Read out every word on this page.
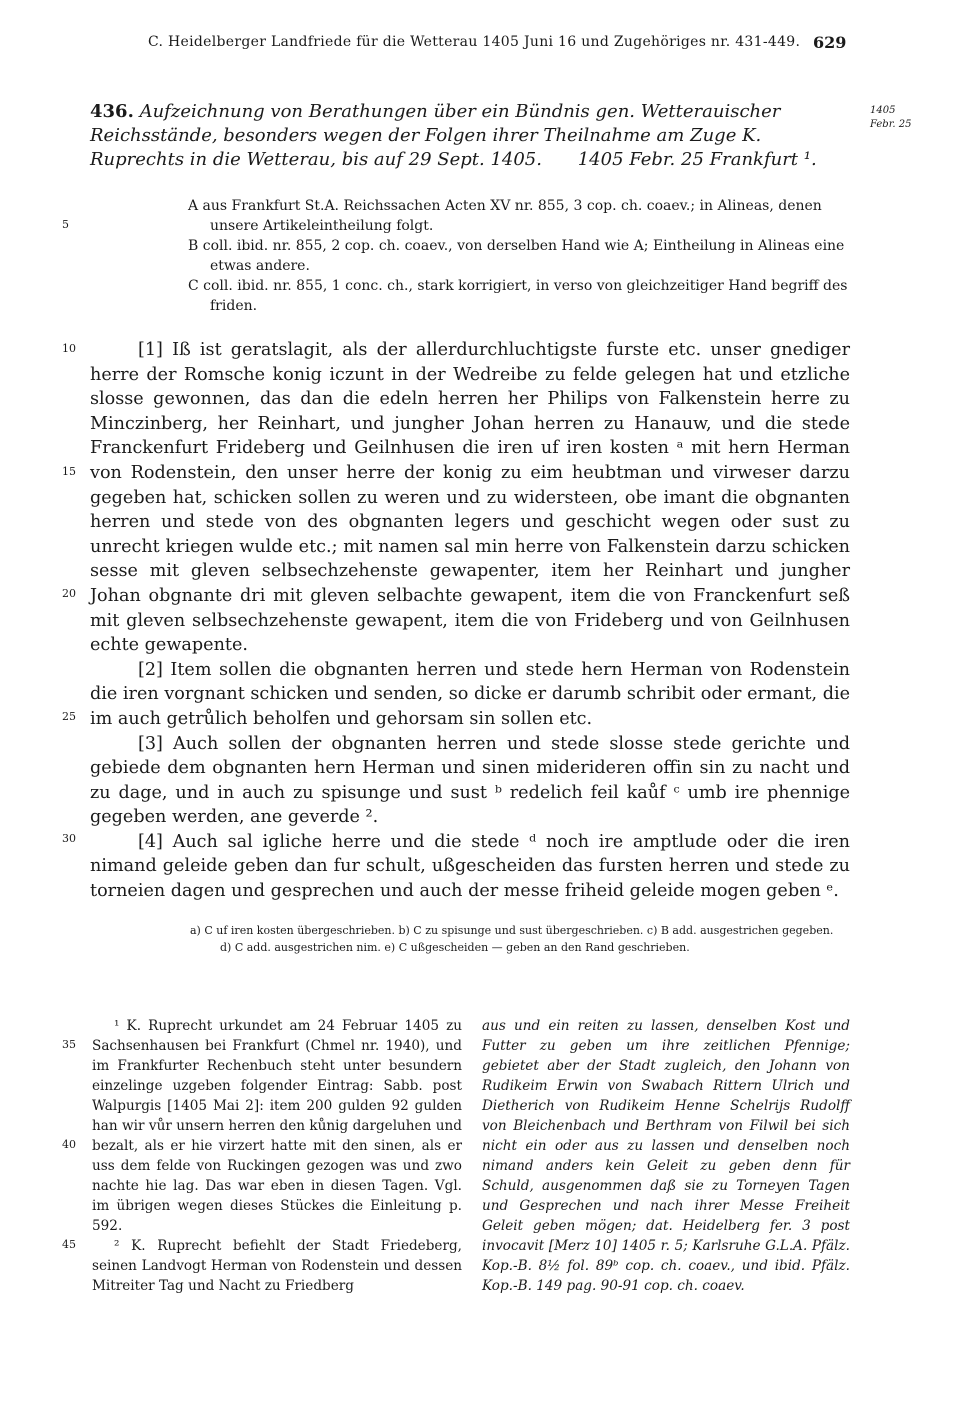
C. Heidelberger Landfriede für die Wetterau 1405 Juni 16 und Zugehöriges nr. 431-449. 629
436. Aufzeichnung von Berathungen über ein Bündnis gen. Wetterauischer Reichsstände, besonders wegen der Folgen ihrer Theilnahme am Zuge K. Ruprechts in die Wetterau, bis auf 29 Sept. 1405. 1405 Febr. 25 Frankfurt ¹.
1405
Febr. 25

A aus Frankfurt St.A. Reichssachen Acten XV nr. 855, 3 cop. ch. coaev.; in Alineas, denen unsere Artikeleintheilung folgt.

B coll. ibid. nr. 855, 2 cop. ch. coaev., von derselben Hand wie A; Eintheilung in Alineas eine etwas andere.

C coll. ibid. nr. 855, 1 conc. ch., stark korrigiert, in verso von gleichzeitiger Hand begriff des friden.

5
10
15
20
25
30
35
40
45

[1] Iß ist geratslagit, als der allerdurchluchtigste furste etc. unser gnediger herre der Romsche konig iczunt in der Wedreibe zu felde gelegen hat und etzliche slosse gewonnen, das dan die edeln herren her Philips von Falkenstein herre zu Minczinberg, her Reinhart, und jungher Johan herren zu Hanauw, und die stede Franckenfurt Frideberg und Geilnhusen die iren uf iren kosten ᵃ mit hern Herman von Rodenstein, den unser herre der konig zu eim heubtman und virweser darzu gegeben hat, schicken sollen zu weren und zu widersteen, obe imant die obgnanten herren und stede von des obgnanten legers und geschicht wegen oder sust zu unrecht kriegen wulde etc.; mit namen sal min herre von Falkenstein darzu schicken sesse mit gleven selbsechzehenste gewapenter, item her Reinhart und jungher Johan obgnante dri mit gleven selbachte gewapent, item die von Franckenfurt seß mit gleven selbsechzehenste gewapent, item die von Frideberg und von Geilnhusen echte gewapente.

[2] Item sollen die obgnanten herren und stede hern Herman von Rodenstein die iren vorgnant schicken und senden, so dicke er darumb schribit oder ermant, die im auch getrůlich beholfen und gehorsam sin sollen etc.

[3] Auch sollen der obgnanten herren und stede slosse stede gerichte und gebiede dem obgnanten hern Herman und sinen miderideren offin sin zu nacht und zu dage, und in auch zu spisunge und sust ᵇ redelich feil kaůf ᶜ umb ire phennige gegeben werden, ane geverde ².

[4] Auch sal igliche herre und die stede ᵈ noch ire amptlude oder die iren nimand geleide geben dan fur schult, ußgescheiden das fursten herren und stede zu torneien dagen und gesprechen und auch der messe friheid geleide mogen geben ᵉ.

a) C uf iren kosten übergeschrieben. b) C zu spisunge und sust übergeschrieben. c) B add. ausgestrichen gegeben.

d) C add. ausgestrichen nim. e) C ußgescheiden — geben an den Rand geschrieben.

¹ K. Ruprecht urkundet am 24 Februar 1405 zu Sachsenhausen bei Frankfurt (Chmel nr. 1940), und im Frankfurter Rechenbuch steht unter besundern einzelinge uzgeben folgender Eintrag: Sabb. post Walpurgis [1405 Mai 2]: item 200 gulden 92 gulden han wir vůr unsern herren den kůnig dargeluhen und bezalt, als er hie virzert hatte mit den sinen, als er uss dem felde von Ruckingen gezogen was und zwo nachte hie lag. Das war eben in diesen Tagen. Vgl. im übrigen wegen dieses Stückes die Einleitung p. 592.

² K. Ruprecht befiehlt der Stadt Friedeberg, seinen Landvogt Herman von Rodenstein und dessen Mitreiter Tag und Nacht zu Friedberg

aus und ein reiten zu lassen, denselben Kost und Futter zu geben um ihre zeitlichen Pfennige; gebietet aber der Stadt zugleich, den Johann von Rudikeim Erwin von Swabach Rittern Ulrich und Dietherich von Rudikeim Henne Schelrijs Rudolff von Bleichenbach und Berthram von Filwil bei sich nicht ein oder aus zu lassen und denselben noch nimand anders kein Geleit zu geben denn für Schuld, ausgenommen daß sie zu Torneyen Tagen und Gesprechen und nach ihrer Messe Freiheit Geleit geben mögen; dat. Heidelberg fer. 3 post invocavit [Merz 10] 1405 r. 5; Karlsruhe G.L.A. Pfälz. Kop.-B. 8½ fol. 89ᵇ cop. ch. coaev., und ibid. Pfälz. Kop.-B. 149 pag. 90-91 cop. ch. coaev.
